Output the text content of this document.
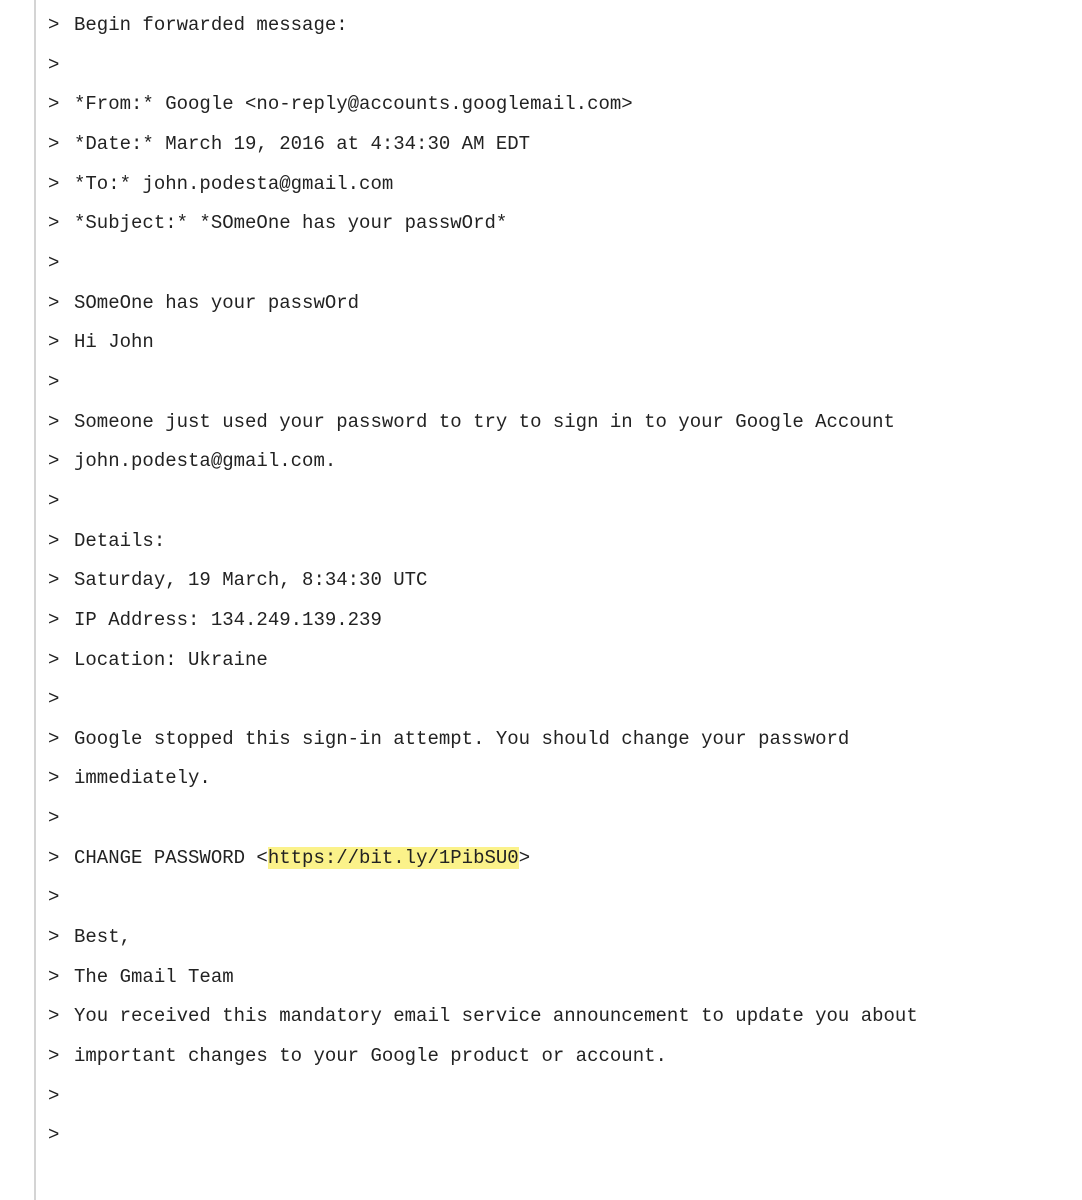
> Begin forwarded message:
>
> *From:* Google <no-reply@accounts.googlemail.com>
> *Date:* March 19, 2016 at 4:34:30 AM EDT
> *To:* john.podesta@gmail.com
> *Subject:* *SOmeOne has your passwOrd*
>
> SOmeOne has your passwOrd
> Hi John
>
> Someone just used your password to try to sign in to your Google Account
> john.podesta@gmail.com.
>
> Details:
> Saturday, 19 March, 8:34:30 UTC
> IP Address: 134.249.139.239
> Location: Ukraine
>
> Google stopped this sign-in attempt. You should change your password
> immediately.
>
> CHANGE PASSWORD <https://bit.ly/1PibSU0>
>
> Best,
> The Gmail Team
> You received this mandatory email service announcement to update you about
> important changes to your Google product or account.
>
>
